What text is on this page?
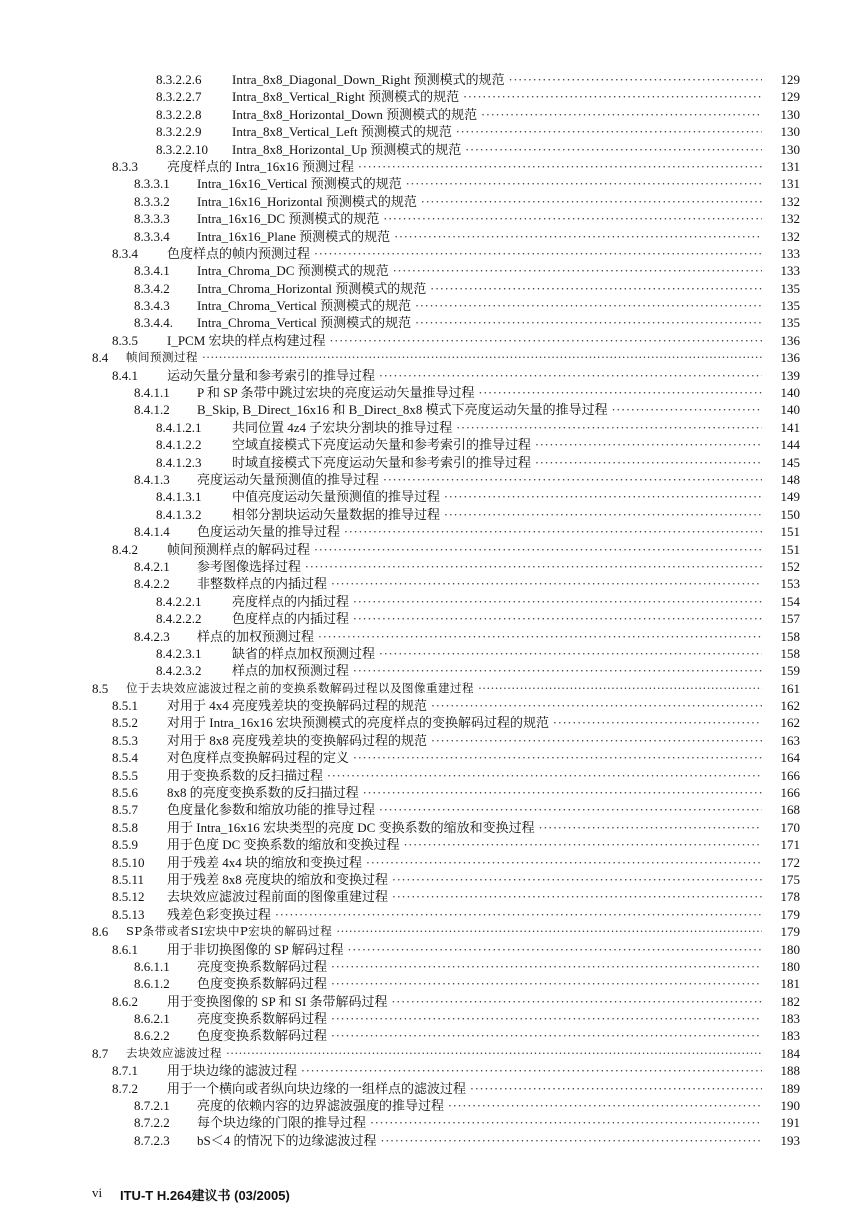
8.3.2.2.6 Intra_8x8_Diagonal_Down_Right 预测模式的规范 ·····	129
8.3.2.2.7 Intra_8x8_Vertical_Right 预测模式的规范 ·····	129
8.3.2.2.8 Intra_8x8_Horizontal_Down 预测模式的规范 ·····	130
8.3.2.2.9 Intra_8x8_Vertical_Left 预测模式的规范 ·····	130
8.3.2.2.10 Intra_8x8_Horizontal_Up 预测模式的规范 ·····	130
8.3.3 亮度样点的 Intra_16x16 预测过程 ·····	131
8.3.3.1 Intra_16x16_Vertical 预测模式的规范 ·····	131
8.3.3.2 Intra_16x16_Horizontal 预测模式的规范 ·····	132
8.3.3.3 Intra_16x16_DC 预测模式的规范 ·····	132
8.3.3.4 Intra_16x16_Plane 预测模式的规范 ·····	132
8.3.4 色度样点的帧内预测过程 ·····	133
8.3.4.1 Intra_Chroma_DC 预测模式的规范 ·····	133
8.3.4.2 Intra_Chroma_Horizontal 预测模式的规范 ·····	135
8.3.4.3 Intra_Chroma_Vertical 预测模式的规范 ·····	135
8.3.4.4. Intra_Chroma_Vertical 预测模式的规范 ·····	135
8.3.5 I_PCM 宏块的样点构建过程 ·····	136
8.4 帧间预测过程 ·····	136
8.4.1 运动矢量分量和参考索引的推导过程 ·····	139
8.4.1.1 P 和 SP 条带中跳过宏块的亮度运动矢量推导过程 ·····	140
8.4.1.2 B_Skip, B_Direct_16x16 和 B_Direct_8x8 模式下亮度运动矢量的推导过程 ·····	140
8.4.1.2.1 共同位置 4z4 子宏块分割块的推导过程 ·····	141
8.4.1.2.2 空域直接模式下亮度运动矢量和参考索引的推导过程 ·····	144
8.4.1.2.3 时域直接模式下亮度运动矢量和参考索引的推导过程 ·····	145
8.4.1.3 亮度运动矢量预测值的推导过程 ·····	148
8.4.1.3.1 中值亮度运动矢量预测值的推导过程 ·····	149
8.4.1.3.2 相邻分割块运动矢量数据的推导过程 ·····	150
8.4.1.4 色度运动矢量的推导过程 ·····	151
8.4.2 帧间预测样点的解码过程 ·····	151
8.4.2.1 参考图像选择过程 ·····	152
8.4.2.2 非整数样点的内插过程 ·····	153
8.4.2.2.1 亮度样点的内插过程 ·····	154
8.4.2.2.2 色度样点的内插过程 ·····	157
8.4.2.3 样点的加权预测过程 ·····	158
8.4.2.3.1 缺省的样点加权预测过程 ·····	158
8.4.2.3.2 样点的加权预测过程 ·····	159
8.5 位于去块效应滤波过程之前的变换系数解码过程以及图像重建过程 ·····	161
8.5.1 对用于 4x4 亮度残差块的变换解码过程的规范 ·····	162
8.5.2 对用于 Intra_16x16 宏块预测模式的亮度样点的变换解码过程的规范 ·····	162
8.5.3 对用于 8x8 亮度残差块的变换解码过程的规范 ·····	163
8.5.4 对色度样点变换解码过程的定义 ·····	164
8.5.5 用于变换系数的反扫描过程 ·····	166
8.5.6 8x8 的亮度变换系数的反扫描过程 ·····	166
8.5.7 色度量化参数和缩放功能的推导过程 ·····	168
8.5.8 用于 Intra_16x16 宏块类型的亮度 DC 变换系数的缩放和变换过程 ·····	170
8.5.9 用于色度 DC 变换系数的缩放和变换过程 ·····	171
8.5.10 用于残差 4x4 块的缩放和变换过程 ·····	172
8.5.11 用于残差 8x8 亮度块的缩放和变换过程 ·····	175
8.5.12 去块效应滤波过程前面的图像重建过程 ·····	178
8.5.13 残差色彩变换过程 ·····	179
8.6 SP条带或者SI宏块中P宏块的解码过程 ·····	179
8.6.1 用于非切换图像的 SP 解码过程 ·····	180
8.6.1.1 亮度变换系数解码过程 ·····	180
8.6.1.2 色度变换系数解码过程 ·····	181
8.6.2 用于变换图像的 SP 和 SI 条带解码过程 ·····	182
8.6.2.1 亮度变换系数解码过程 ·····	183
8.6.2.2 色度变换系数解码过程 ·····	183
8.7 去块效应滤波过程 ·····	184
8.7.1 用于块边缘的滤波过程 ·····	188
8.7.2 用于一个横向或者纵向块边缘的一组样点的滤波过程 ·····	189
8.7.2.1 亮度的依赖内容的边界滤波强度的推导过程 ·····	190
8.7.2.2 每个块边缘的门限的推导过程 ·····	191
8.7.2.3 bS＜4 的情况下的边缘滤波过程 ·····	193
vi ITU-T H.264建议书 (03/2005)
